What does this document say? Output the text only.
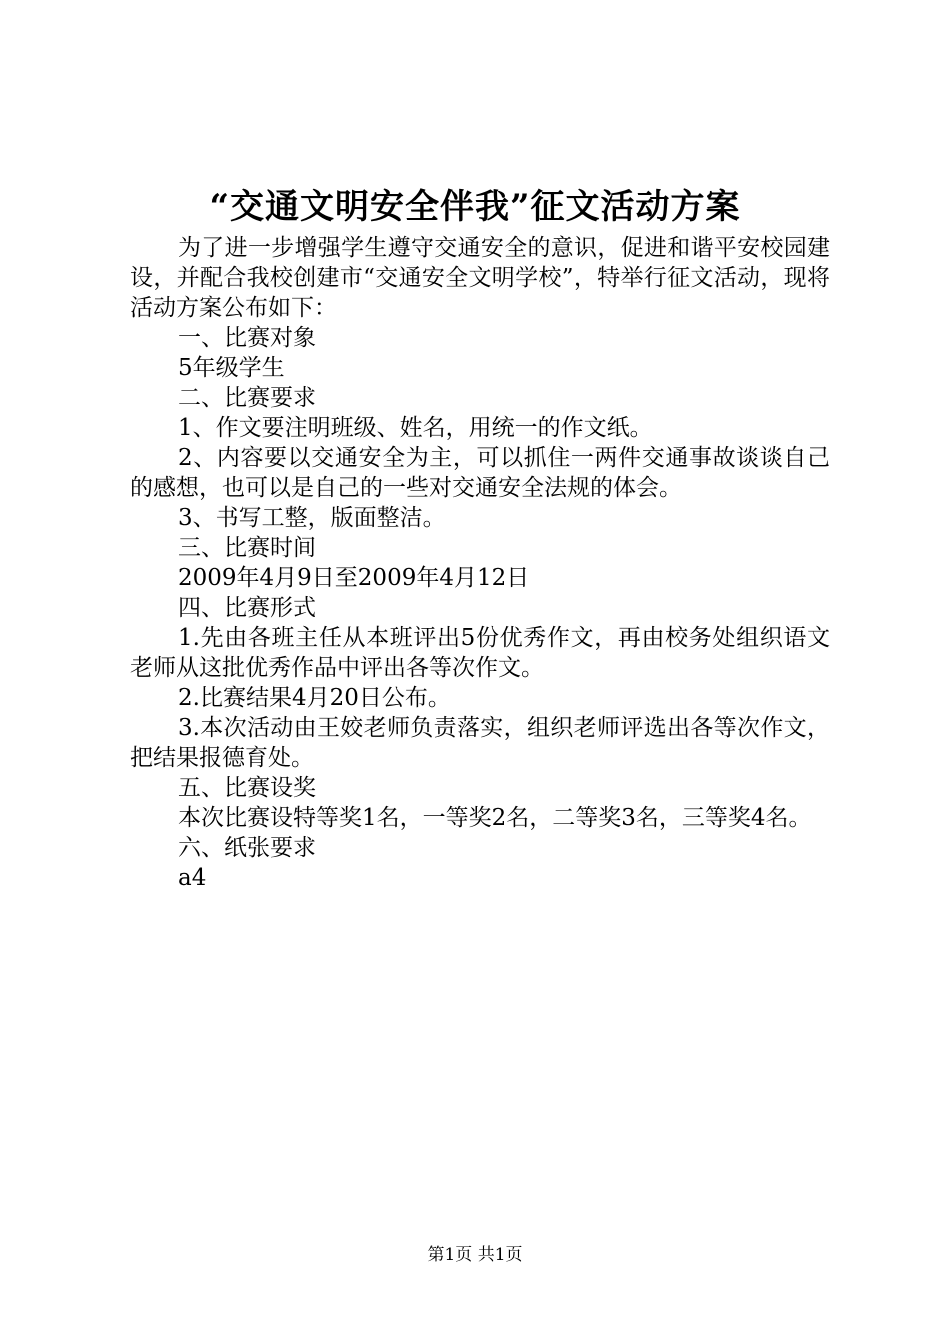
“交通文明安全伴我”征文活动方案

为了进一步增强学生遵守交通安全的意识，促进和谐平安校园建设，并配合我校创建市“交通安全文明学校”，特举行征文活动，现将活动方案公布如下：

一、比赛对象

5年级学生

二、比赛要求

1、作文要注明班级、姓名，用统一的作文纸。

2、内容要以交通安全为主，可以抓住一两件交通事故谈谈自己的感想，也可以是自己的一些对交通安全法规的体会。

3、书写工整，版面整洁。

三、比赛时间

2009年4月9日至2009年4月12日

四、比赛形式

1.先由各班主任从本班评出5份优秀作文，再由校务处组织语文老师从这批优秀作品中评出各等次作文。

2.比赛结果4月20日公布。

3.本次活动由王姣老师负责落实，组织老师评选出各等次作文，把结果报德育处。

五、比赛设奖

本次比赛设特等奖1名，一等奖2名，二等奖3名，三等奖4名。

六、纸张要求

a4

第1页 共1页
